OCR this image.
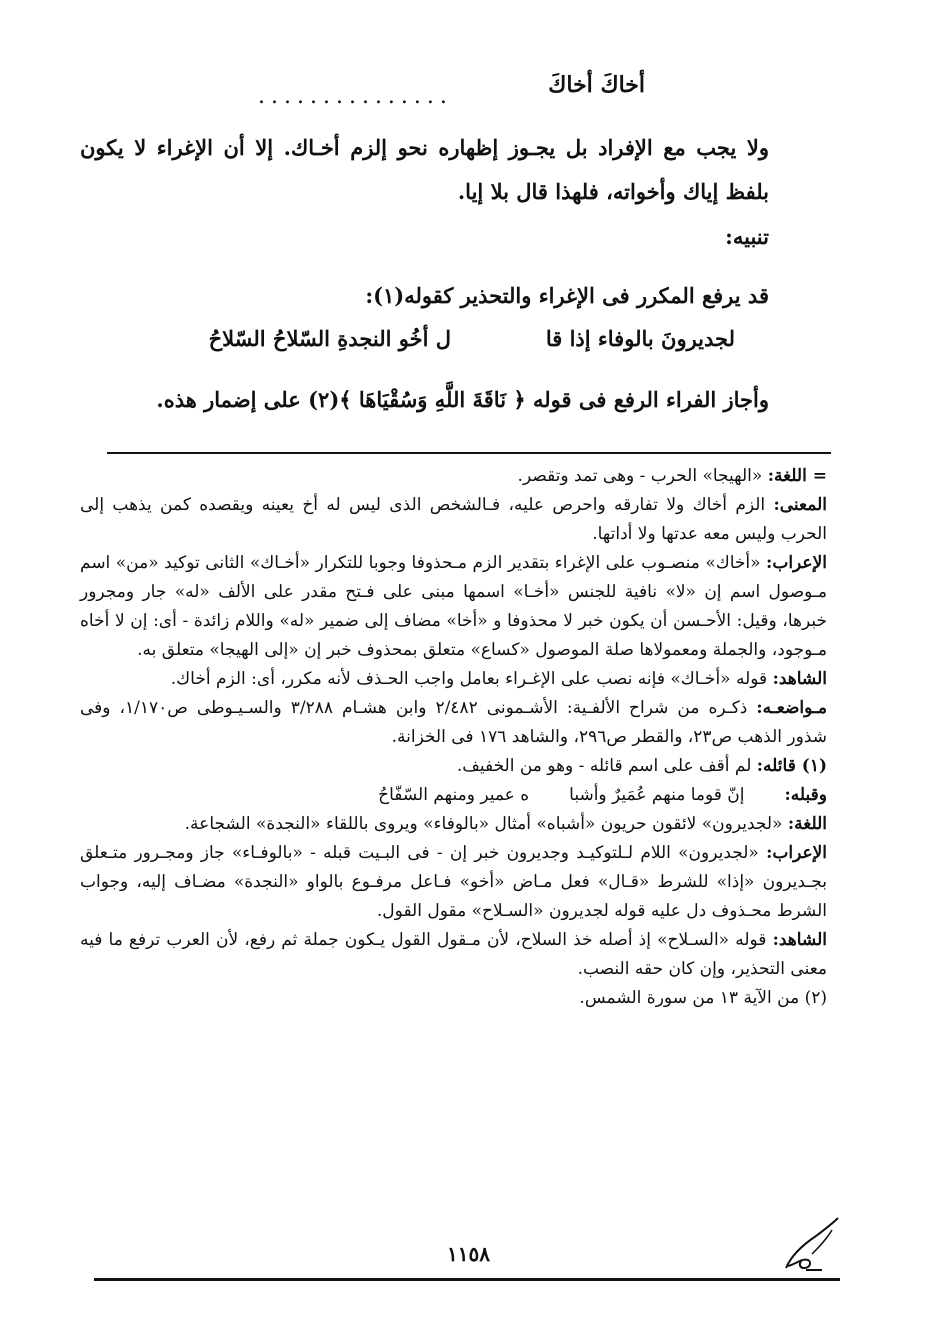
أخاكَ أخاكَ
...............
ولا يجب مع الإفراد بل يجـوز إظهاره نحو إلزم أخـاك. إلا أن الإغراء لا يكون بلفظ إياك وأخواته، فلهذا قال بلا إيا.
تنبيه:
قد يرفع المكرر فى الإغراء والتحذير كقوله(١):
لجديرونَ بالوفاء إذا قا
ل أخُو النجدةِ السّلاحُ السّلاحُ
وأجاز الفراء الرفع فى قوله ﴿ نَاقَةَ اللَّهِ وَسُقْيَاهَا ﴾(٢) على إضمار هذه.
= اللغة: «الهيجا» الحرب - وهى تمد وتقصر.
المعنى: الزم أخاك ولا تفارقه واحرص عليه، فـالشخص الذى ليس له أخ يعينه ويقصده كمن يذهب إلى الحرب وليس معه عدتها ولا أداتها.
الإعراب: «أخاك» منصـوب على الإغراء بتقدير الزم مـحذوفا وجوبا للتكرار «أخـاك» الثانى توكيد «من» اسم مـوصول اسم إن «لا» نافية للجنس «أخـا» اسمها مبنى على فـتح مقدر على الألف «له» جار ومجرور خبرها، وقيل: الأحـسن أن يكون خبر لا محذوفا و «أخا» مضاف إلى ضمير «له» واللام زائدة - أى: إن لا أخاه مـوجود، والجملة ومعمولاها صلة الموصول «كساع» متعلق بمحذوف خبر إن «إلى الهيجا» متعلق به.
الشاهد: قوله «أخـاك» فإنه نصب على الإغـراء بعامل واجب الحـذف لأنه مكرر، أى: الزم أخاك.
مـواضعـه: ذكـره من شراح الألفـية: الأشـمونى ٢/٤٨٢ وابن هشـام ٣/٢٨٨ والسـيـوطى ص١/١٧٠، وفى شذور الذهب ص٢٣، والقطر ص٢٩٦، والشاهد ١٧٦ فى الخزانة.
(١) قائله: لم أقف على اسم قائله - وهو من الخفيف.
وقبله:
إنّ قوما منهم عُمَيرٌ وأشبا
ه عمير ومنهم السّفّاحُ
اللغة: «لجديرون» لائقون حريون «أشباه» أمثال «بالوفاء» ويروى باللقاء «النجدة» الشجاعة.
الإعراب: «لجديرون» اللام لـلتوكيـد وجديرون خبر إن - فى البـيت قبله - «بالوفـاء» جاز ومجـرور متـعلق بجـديرون «إذا» للشرط «قـال» فعل مـاض «أخو» فـاعل مرفـوع بالواو «النجدة» مضـاف إليه، وجواب الشرط محـذوف دل عليه قوله لجديرون «السـلاح» مقول القول.
الشاهد: قوله «السـلاح» إذ أصله خذ السلاح، لأن مـقول القول يـكون جملة ثم رفع، لأن العرب ترفع ما فيه معنى التحذير، وإن كان حقه النصب.
(٢) من الآية ١٣ من سورة الشمس.
١١٥٨
